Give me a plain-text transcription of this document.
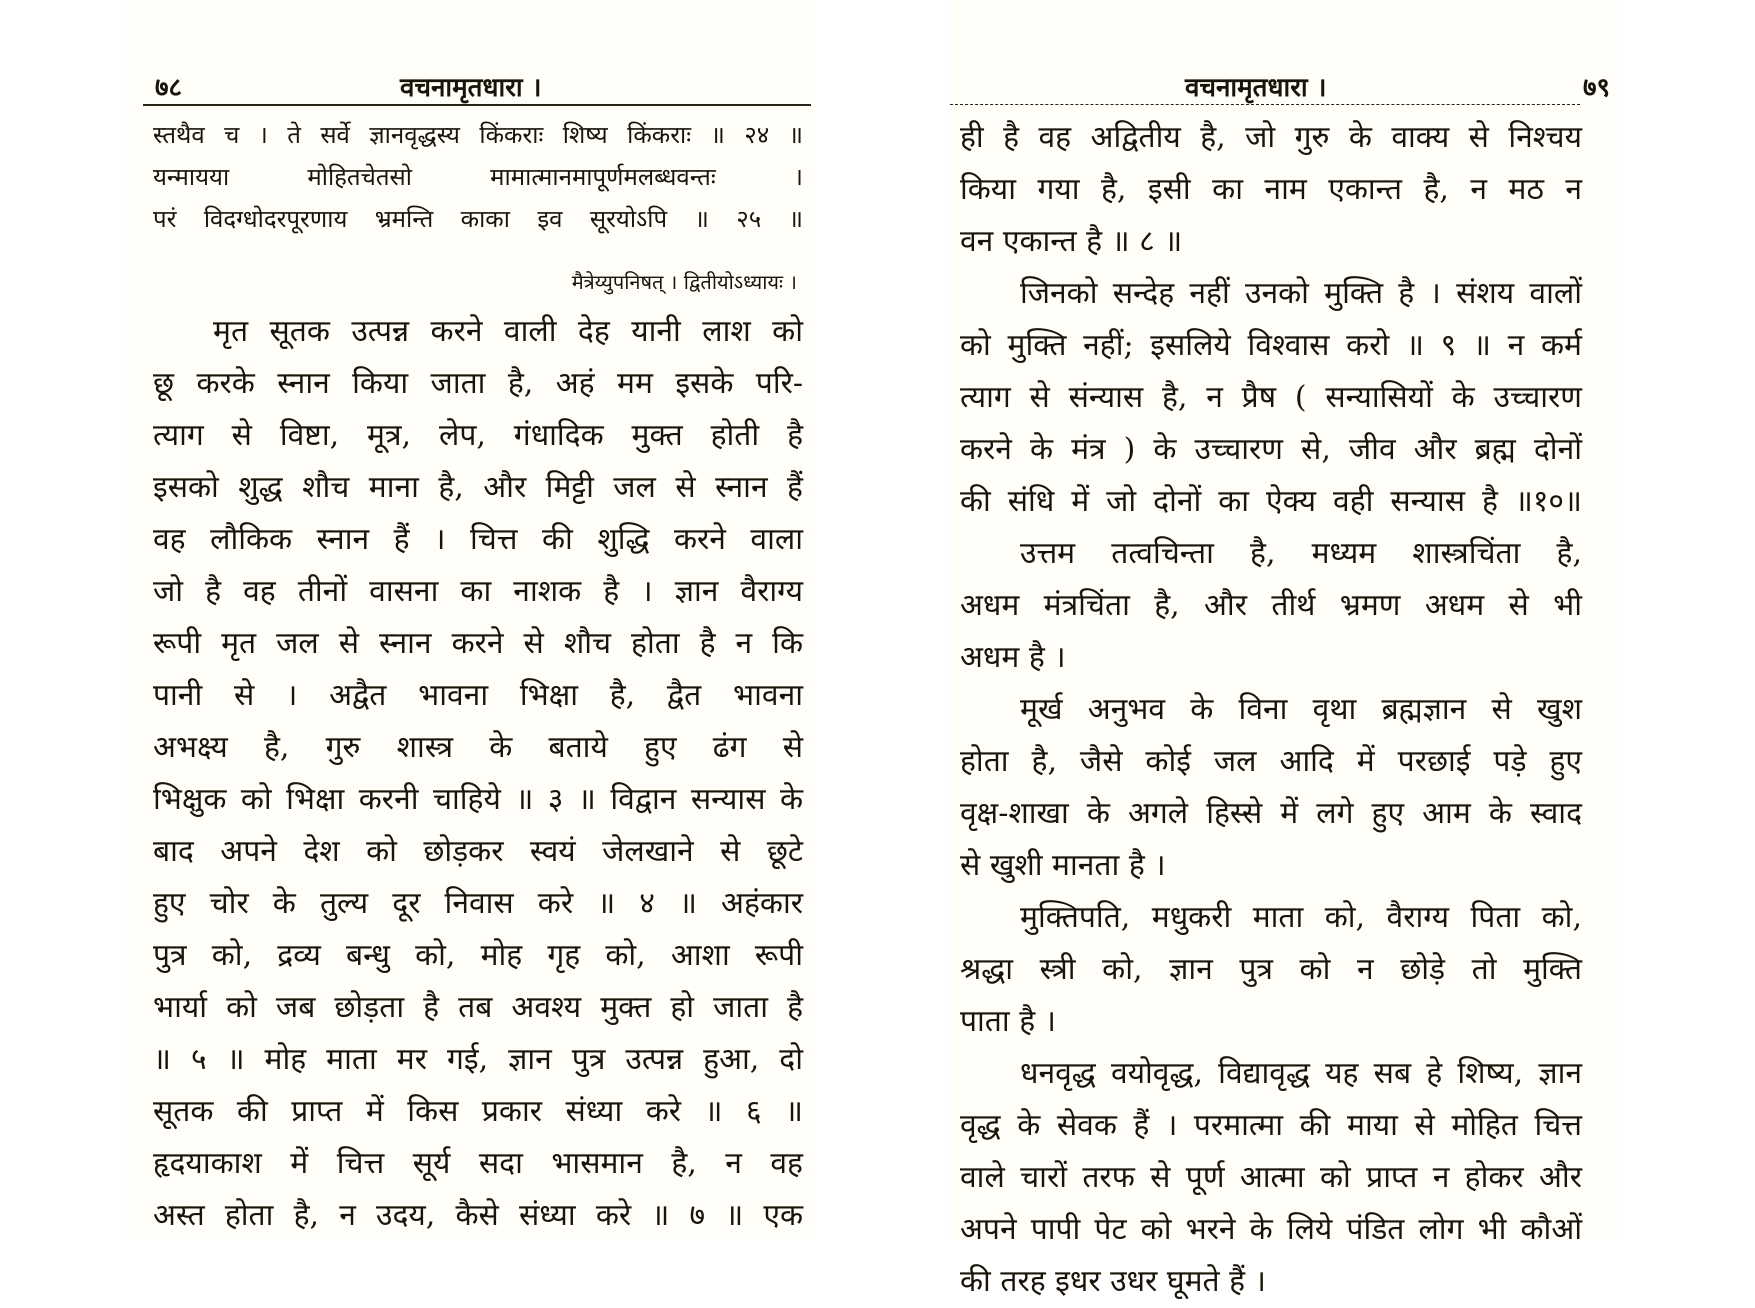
७८	वचनामृतधारा ।
स्तथैव च । ते सर्वे ज्ञानवृद्धस्य किंकराः शिष्य किंकराः ॥ २४ ॥
यन्मायया मोहितचेतसो मामात्मानमापूर्णमलब्धवन्तः ।
परं विदग्धोदरपूरणाय भ्रमन्ति काका इव सूरयोऽपि ॥ २५ ॥
मैत्रेय्युपनिषत् । द्वितीयोऽध्यायः ।
मृत सूतक उत्पन्न करने वाली देह यानी लाश को
छू करके स्नान किया जाता है, अहं मम इसके परि-
त्याग से विष्टा, मूत्र, लेप, गंधादिक मुक्त होती है
इसको शुद्ध शौच माना है, और मिट्टी जल से स्नान हैं
वह लौकिक स्नान हैं । चित्त की शुद्धि करने वाला
जो है वह तीनों वासना का नाशक है । ज्ञान वैराग्य
रूपी मृत जल से स्नान करने से शौच होता है न कि
पानी से । अद्वैत भावना भिक्षा है, द्वैत भावना
अभक्ष्य है, गुरु शास्त्र के बताये हुए ढंग से
भिक्षुक को भिक्षा करनी चाहिये ॥ ३ ॥ विद्वान सन्यास के
बाद अपने देश को छोड़कर स्वयं जेलखाने से छूटे
हुए चोर के तुल्य दूर निवास करे ॥ ४ ॥ अहंकार
पुत्र को, द्रव्य बन्धु को, मोह गृह को, आशा रूपी
भार्या को जब छोड़ता है तब अवश्य मुक्त हो जाता है
॥ ५ ॥ मोह माता मर गई, ज्ञान पुत्र उत्पन्न हुआ, दो
सूतक की प्राप्त में किस प्रकार संध्या करे ॥ ६ ॥
हृदयाकाश में चित्त सूर्य सदा भासमान है, न वह
अस्त होता है, न उदय, कैसे संध्या करे ॥ ७ ॥ एक
वचनामृतधारा ।	७९
ही है वह अद्वितीय है, जो गुरु के वाक्य से निश्चय
किया गया है, इसी का नाम एकान्त है, न मठ न
वन एकान्त है ॥ ८ ॥
जिनको सन्देह नहीं उनको मुक्ति है । संशय वालों
को मुक्ति नहीं; इसलिये विश्वास करो ॥ ९ ॥ न कर्म
त्याग से संन्यास है, न प्रैष ( सन्यासियों के उच्चारण
करने के मंत्र ) के उच्चारण से, जीव और ब्रह्म दोनों
की संधि में जो दोनों का ऐक्य वही सन्यास है ॥१०॥
उत्तम तत्वचिन्ता है, मध्यम शास्त्रचिंता है,
अधम मंत्रचिंता है, और तीर्थ भ्रमण अधम से भी
अधम है ।
मूर्ख अनुभव के विना वृथा ब्रह्मज्ञान से खुश
होता है, जैसे कोई जल आदि में परछाई पड़े हुए
वृक्ष-शाखा के अगले हिस्से में लगे हुए आम के स्वाद
से खुशी मानता है ।
मुक्तिपति, मधुकरी माता को, वैराग्य पिता को,
श्रद्धा स्त्री को, ज्ञान पुत्र को न छोड़े तो मुक्ति
पाता है ।
धनवृद्ध वयोवृद्ध, विद्यावृद्ध यह सब हे शिष्य, ज्ञान
वृद्ध के सेवक हैं । परमात्मा की माया से मोहित चित्त
वाले चारों तरफ से पूर्ण आत्मा को प्राप्त न होकर और
अपने पापी पेट को भरने के लिये पंडित लोग भी कौओं
की तरह इधर उधर घूमते हैं ।
